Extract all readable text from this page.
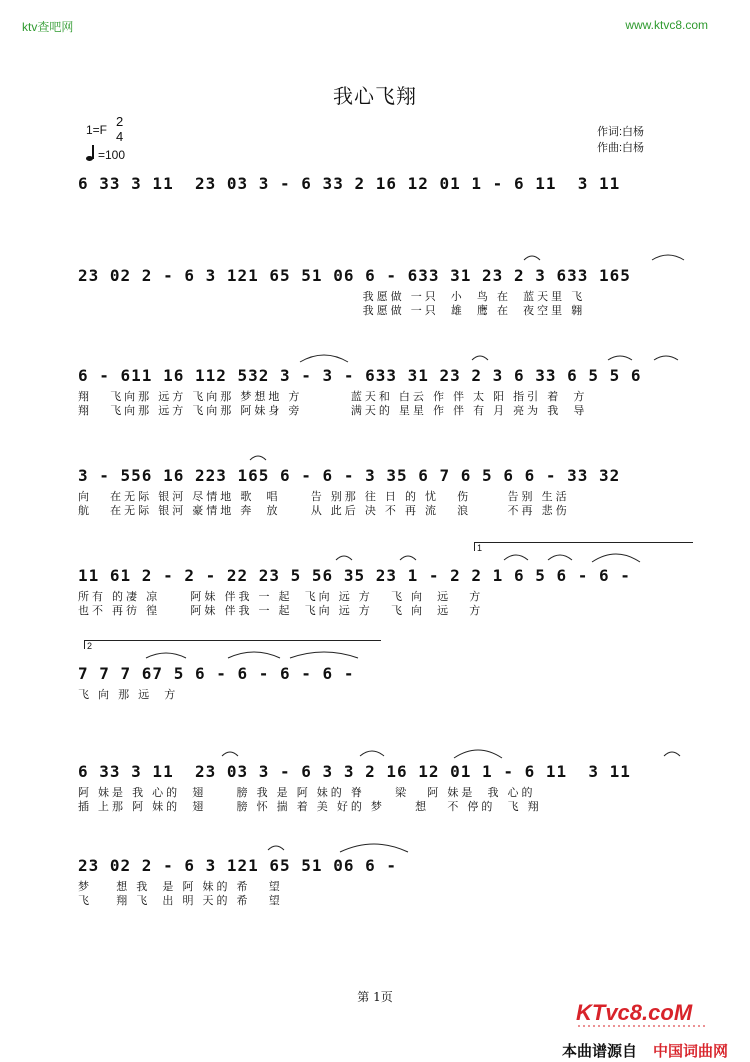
ktv查吧网	www.ktvc8.com
我心飞翔
1=F
2
4
=100
作词:白杨
作曲:白杨
6 33 3 11  23 03 3 - 6 33 2 16 12 01 1 - 6 11  3 11
23 02 2 - 6 3 121 65 51 06 6 - 633 31 23 2 3 633 165
我愿做 一只  小  鸟 在  蓝天里 飞
我愿做 一只  雄  鹰 在  夜空里 翱
6 - 611 16 112 532 3 - 3 - 633 31 23 2 3 6 33 6 5 5 6
翔   飞向那 远方 飞向那 梦想地 方        蓝天和 白云 作 伴 太 阳 指引 着  方
翔   飞向那 远方 飞向那 阿妹身 旁        满天的 星星 作 伴 有 月 亮为 我  导
3 - 556 16 223 165 6 - 6 - 3 35 6 7 6 5 6 6 - 33 32
向   在无际 银河 尽情地 歌  唱     告 别那 往 日 的 忧   伤      告别 生活
航   在无际 银河 豪情地 奔  放     从 此后 决 不 再 流   浪      不再 悲伤
1
11 61 2 - 2 - 22 23 5 56 35 23 1 - 2 2 1 6 5 6 - 6 -
所有 的凄 凉     阿妹 伴我 一 起  飞向 远 方   飞 向  远   方
也不 再彷 徨     阿妹 伴我 一 起  飞向 远 方   飞 向  远   方
2
7 7 7 67 5 6 - 6 - 6 - 6 -
飞 向 那 远  方
6 33 3 11  23 03 3 - 6 3 3 2 16 12 01 1 - 6 11  3 11
阿 妹是 我 心的  翅     膀 我 是 阿 妹的 脊     梁   阿 妹是  我 心的
插 上那 阿 妹的  翅     膀 怀 揣 着 美 好的 梦     想   不 停的  飞 翔
23 02 2 - 6 3 121 65 51 06 6 -
梦    想 我  是 阿 妹的 希   望
飞    翔 飞  出 明 天的 希   望
第 1页
KTvc8.coM
本曲谱源自 中国词曲网
